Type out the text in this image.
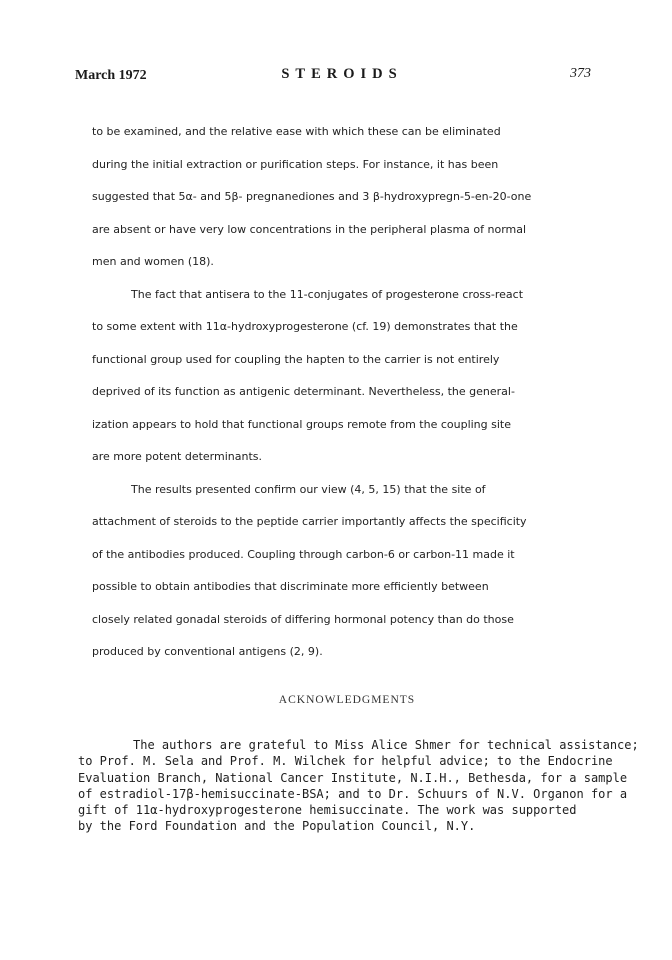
March 1972	STEROIDS	373
to be examined, and the relative ease with which these can be eliminated
during the initial extraction or purification steps. For instance, it has been
suggested that 5α- and 5β- pregnanediones and 3 β-hydroxypregn-5-en-20-one
are absent or have very low concentrations in the peripheral plasma of normal
men and women (18).
The fact that antisera to the 11-conjugates of progesterone cross-react
to some extent with 11α-hydroxyprogesterone (cf. 19) demonstrates that the
functional group used for coupling the hapten to the carrier is not entirely
deprived of its function as antigenic determinant. Nevertheless, the general-
ization appears to hold that functional groups remote from the coupling site
are more potent determinants.
The results presented confirm our view (4, 5, 15) that the site of
attachment of steroids to the peptide carrier importantly affects the specificity
of the antibodies produced. Coupling through carbon-6 or carbon-11 made it
possible to obtain antibodies that discriminate more efficiently between
closely related gonadal steroids of differing hormonal potency than do those
produced by conventional antigens (2, 9).
ACKNOWLEDGMENTS
The authors are grateful to Miss Alice Shmer for technical assistance;
to Prof. M. Sela and Prof. M. Wilchek for helpful advice; to the Endocrine
Evaluation Branch, National Cancer Institute, N.I.H., Bethesda, for a sample
of estradiol-17β-hemisuccinate-BSA; and to Dr. Schuurs of N.V. Organon for a
gift of 11α-hydroxyprogesterone hemisuccinate. The work was supported
by the Ford Foundation and the Population Council, N.Y.
